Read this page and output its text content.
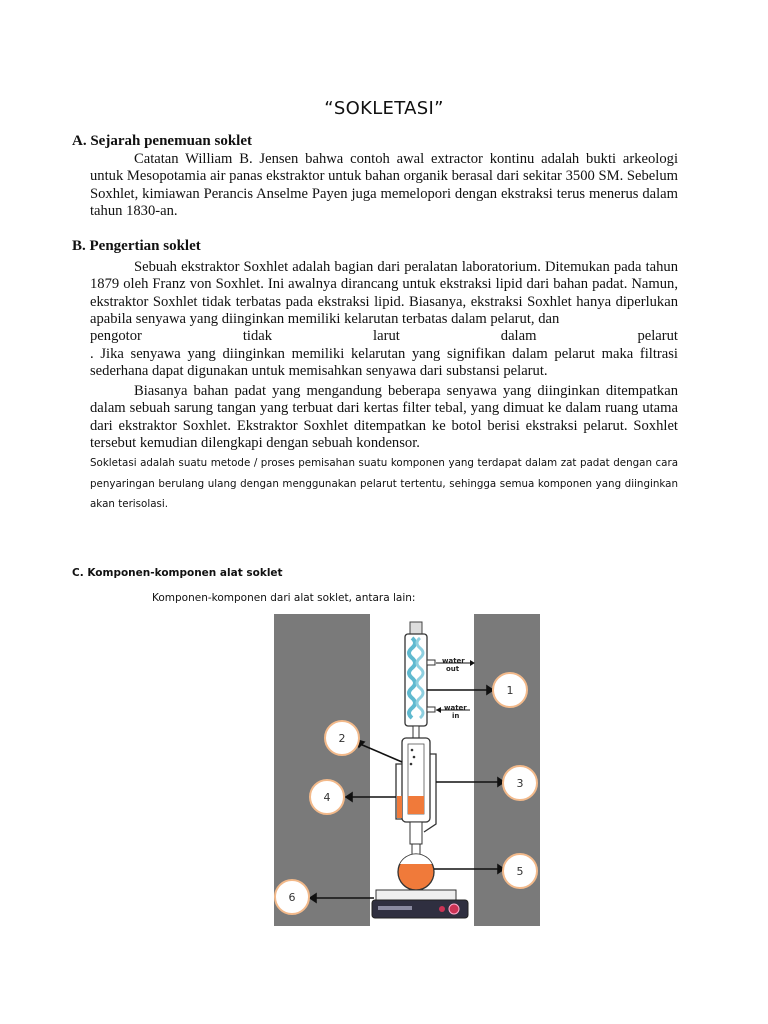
“SOKLETASI”
A. Sejarah penemuan soklet
Catatan William B. Jensen bahwa contoh awal extractor kontinu adalah bukti arkeologi untuk Mesopotamia air panas ekstraktor untuk bahan organik berasal dari sekitar 3500 SM. Sebelum Soxhlet, kimiawan Perancis Anselme Payen juga memelopori dengan ekstraksi terus menerus dalam tahun 1830-an.
B. Pengertian soklet
Sebuah ekstraktor Soxhlet adalah bagian dari peralatan laboratorium. Ditemukan pada tahun 1879 oleh Franz von Soxhlet. Ini awalnya dirancang untuk ekstraksi lipid dari bahan padat. Namun, ekstraktor Soxhlet tidak terbatas pada ekstraksi lipid. Biasanya, ekstraksi Soxhlet hanya diperlukan apabila senyawa yang diinginkan memiliki kelarutan terbatas dalam pelarut, dan
pengotor	tidak	larut	dalam	pelarut
. Jika senyawa yang diinginkan memiliki kelarutan yang signifikan dalam pelarut maka filtrasi sederhana dapat digunakan untuk memisahkan senyawa dari substansi pelarut.
Biasanya bahan padat yang mengandung beberapa senyawa yang diinginkan ditempatkan dalam sebuah sarung tangan yang terbuat dari kertas filter tebal, yang dimuat ke dalam ruang utama dari ekstraktor Soxhlet. Ekstraktor Soxhlet ditempatkan ke botol berisi ekstraksi pelarut. Soxhlet tersebut kemudian dilengkapi dengan sebuah kondensor.
Sokletasi adalah suatu metode / proses pemisahan suatu komponen yang terdapat dalam zat padat dengan cara penyaringan berulang ulang dengan menggunakan pelarut tertentu, sehingga semua komponen yang diinginkan akan terisolasi.
C. Komponen-komponen alat soklet
Komponen-komponen dari alat soklet, antara lain:
water
out
water
in
1
2
3
4
5
6
